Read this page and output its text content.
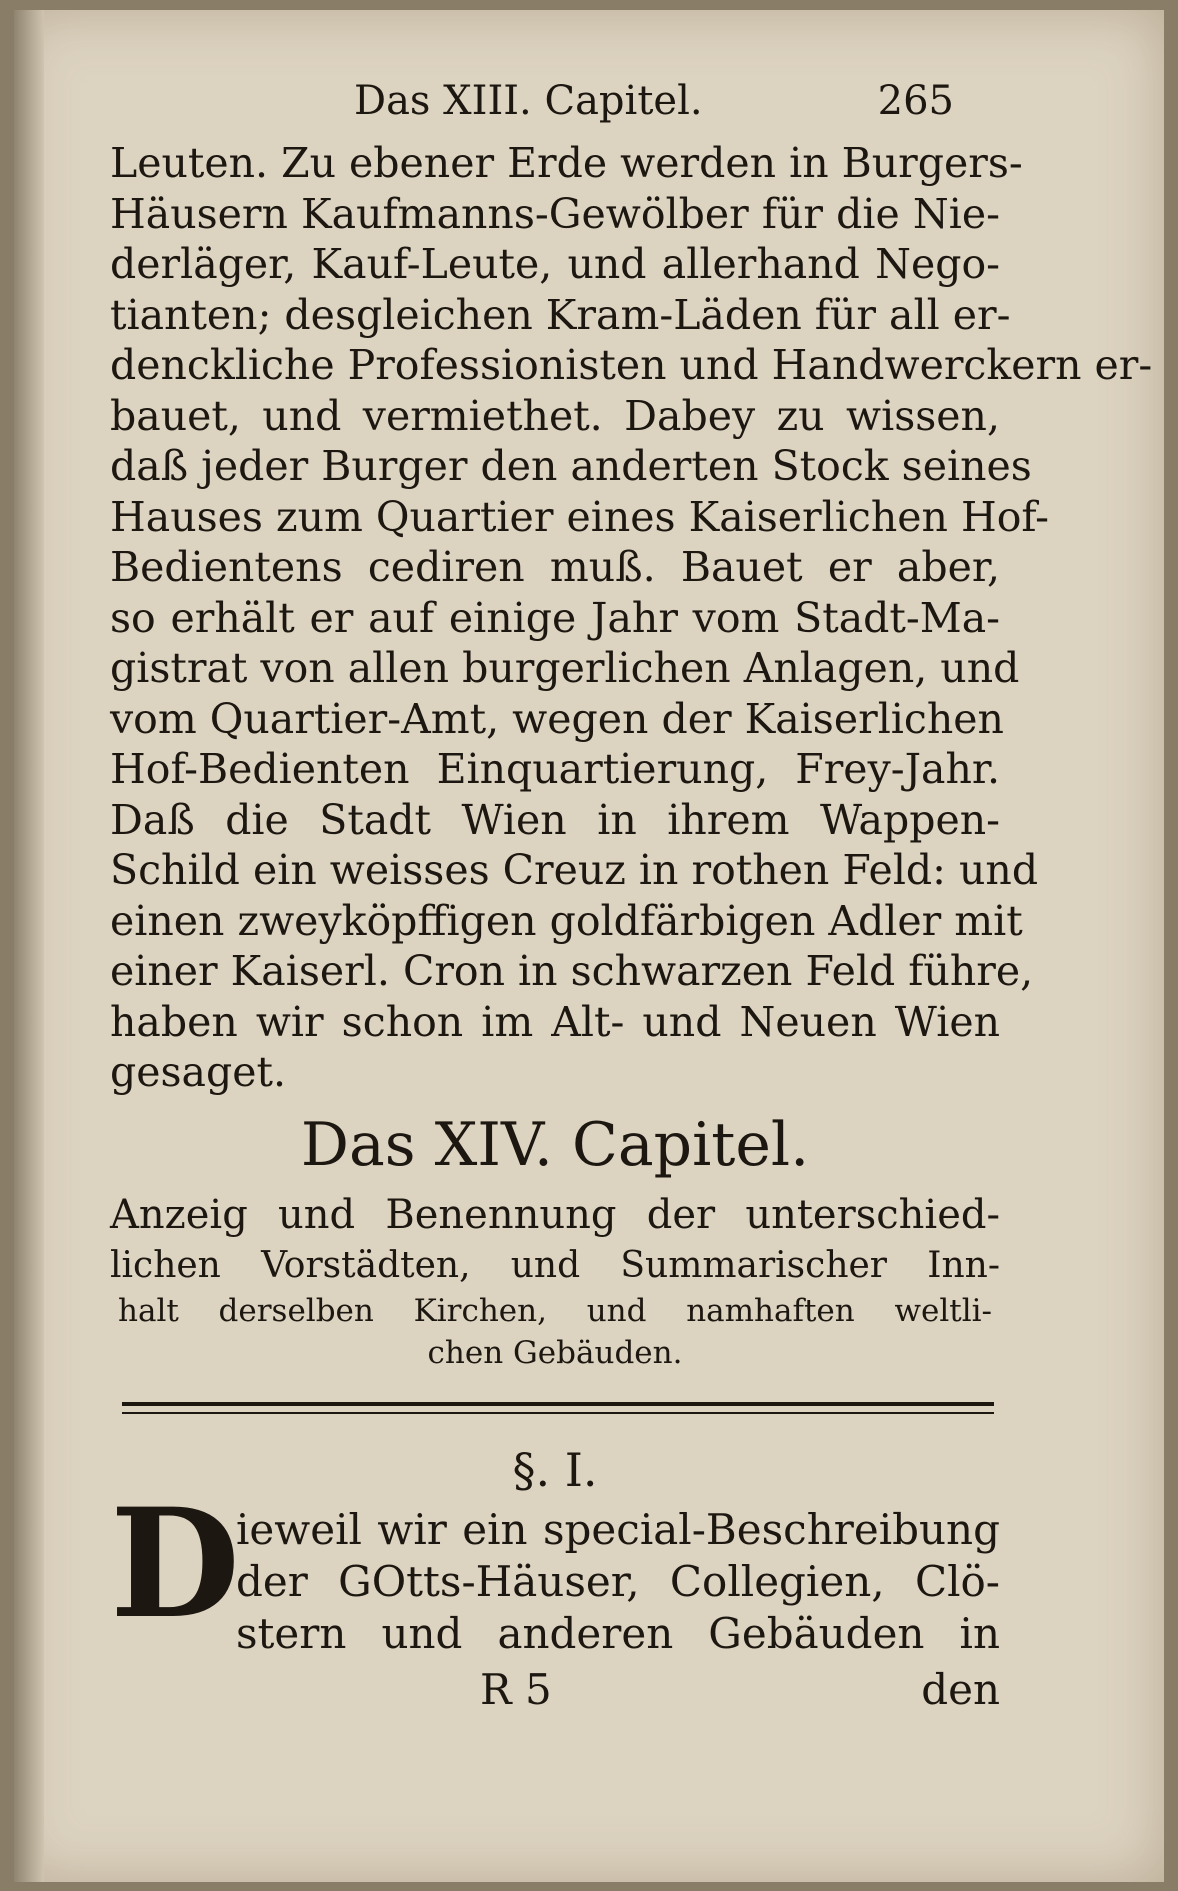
Das XIII. Capitel.	265
Leuten. Zu ebener Erde werden in Burgers-
Häusern Kaufmanns-Gewölber für die Nie-
derläger, Kauf-Leute, und allerhand Nego-
tianten; desgleichen Kram-Läden für all er-
denckliche Professionisten und Handwerckern er-
bauet, und vermiethet. Dabey zu wissen,
daß jeder Burger den anderten Stock seines
Hauses zum Quartier eines Kaiserlichen Hof-
Bedientens cediren muß. Bauet er aber,
so erhält er auf einige Jahr vom Stadt-Ma-
gistrat von allen burgerlichen Anlagen, und
vom Quartier-Amt, wegen der Kaiserlichen
Hof-Bedienten Einquartierung, Frey-Jahr.
Daß die Stadt Wien in ihrem Wappen-
Schild ein weisses Creuz in rothen Feld: und
einen zweyköpffigen goldfärbigen Adler mit
einer Kaiserl. Cron in schwarzen Feld führe,
haben wir schon im Alt- und Neuen Wien
gesaget.
Das XIV. Capitel.
Anzeig und Benennung der unterschied-
lichen Vorstädten, und Summarischer Inn-
halt derselben Kirchen, und namhaften weltli-
chen Gebäuden.
§. I.
D
ieweil wir ein special-Beschreibung
der GOtts-Häuser, Collegien, Clö-
stern und anderen Gebäuden in
R 5	den
